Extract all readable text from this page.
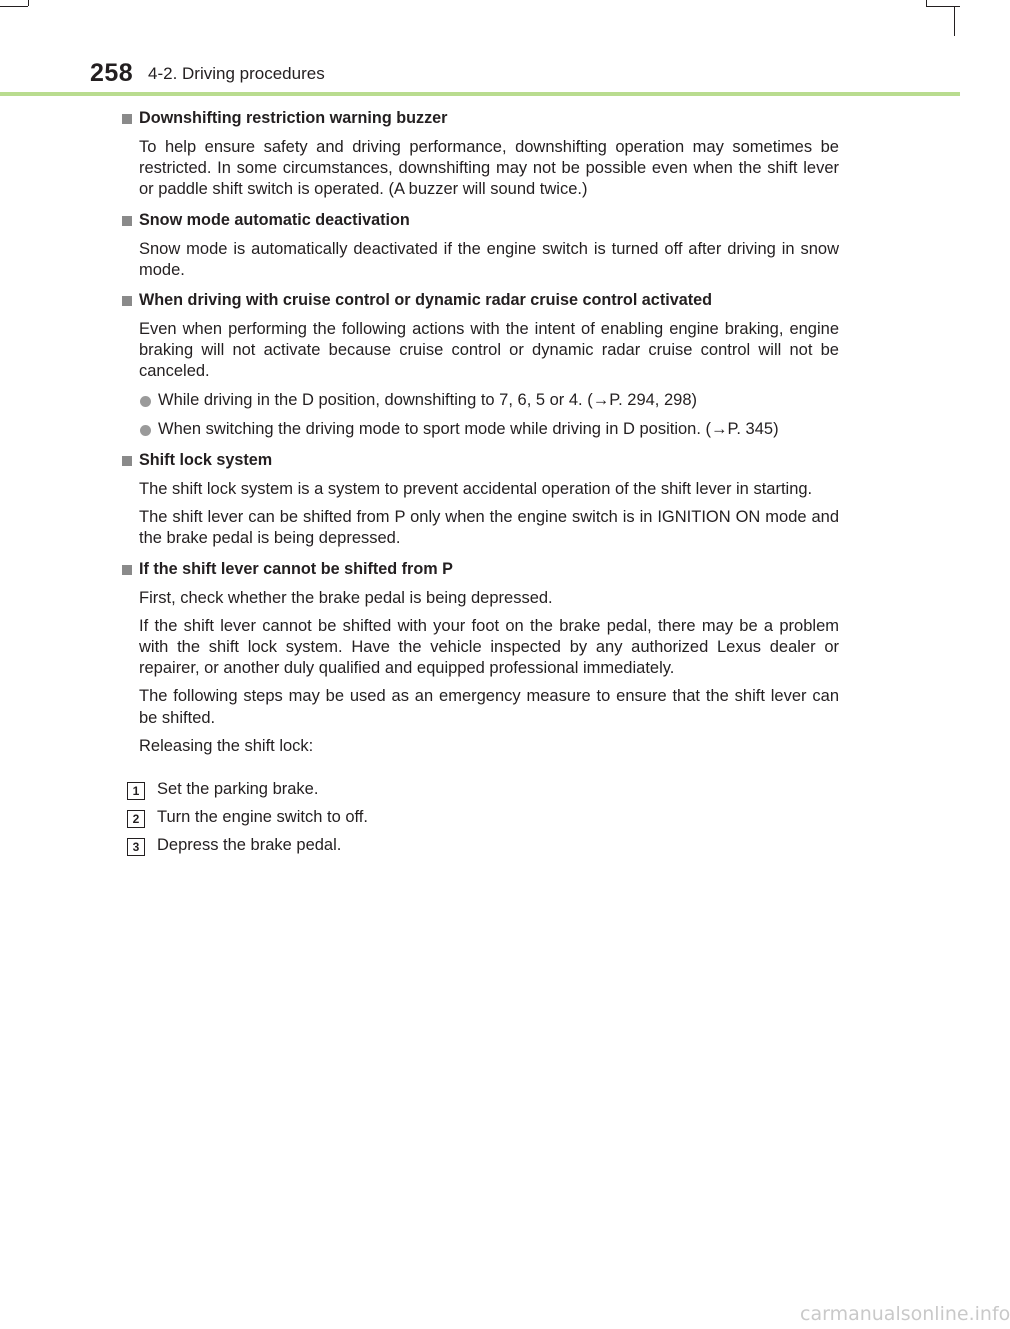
258 4-2. Driving procedures
Downshifting restriction warning buzzer

To help ensure safety and driving performance, downshifting operation may sometimes be restricted. In some circumstances, downshifting may not be possible even when the shift lever or paddle shift switch is operated. (A buzzer will sound twice.)

Snow mode automatic deactivation

Snow mode is automatically deactivated if the engine switch is turned off after driving in snow mode.

When driving with cruise control or dynamic radar cruise control activated

Even when performing the following actions with the intent of enabling engine braking, engine braking will not activate because cruise control or dynamic radar cruise control will not be canceled.

While driving in the D position, downshifting to 7, 6, 5 or 4. (→P. 294, 298)
When switching the driving mode to sport mode while driving in D position. (→P. 345)
Shift lock system

The shift lock system is a system to prevent accidental operation of the shift lever in starting.

The shift lever can be shifted from P only when the engine switch is in IGNITION ON mode and the brake pedal is being depressed.

If the shift lever cannot be shifted from P

First, check whether the brake pedal is being depressed.

If the shift lever cannot be shifted with your foot on the brake pedal, there may be a problem with the shift lock system. Have the vehicle inspected by any authorized Lexus dealer or repairer, or another duly qualified and equipped professional immediately.

The following steps may be used as an emergency measure to ensure that the shift lever can be shifted.

Releasing the shift lock:

1	Set the parking brake.
2	Turn the engine switch to off.
3	Depress the brake pedal.
carmanualsonline.info
